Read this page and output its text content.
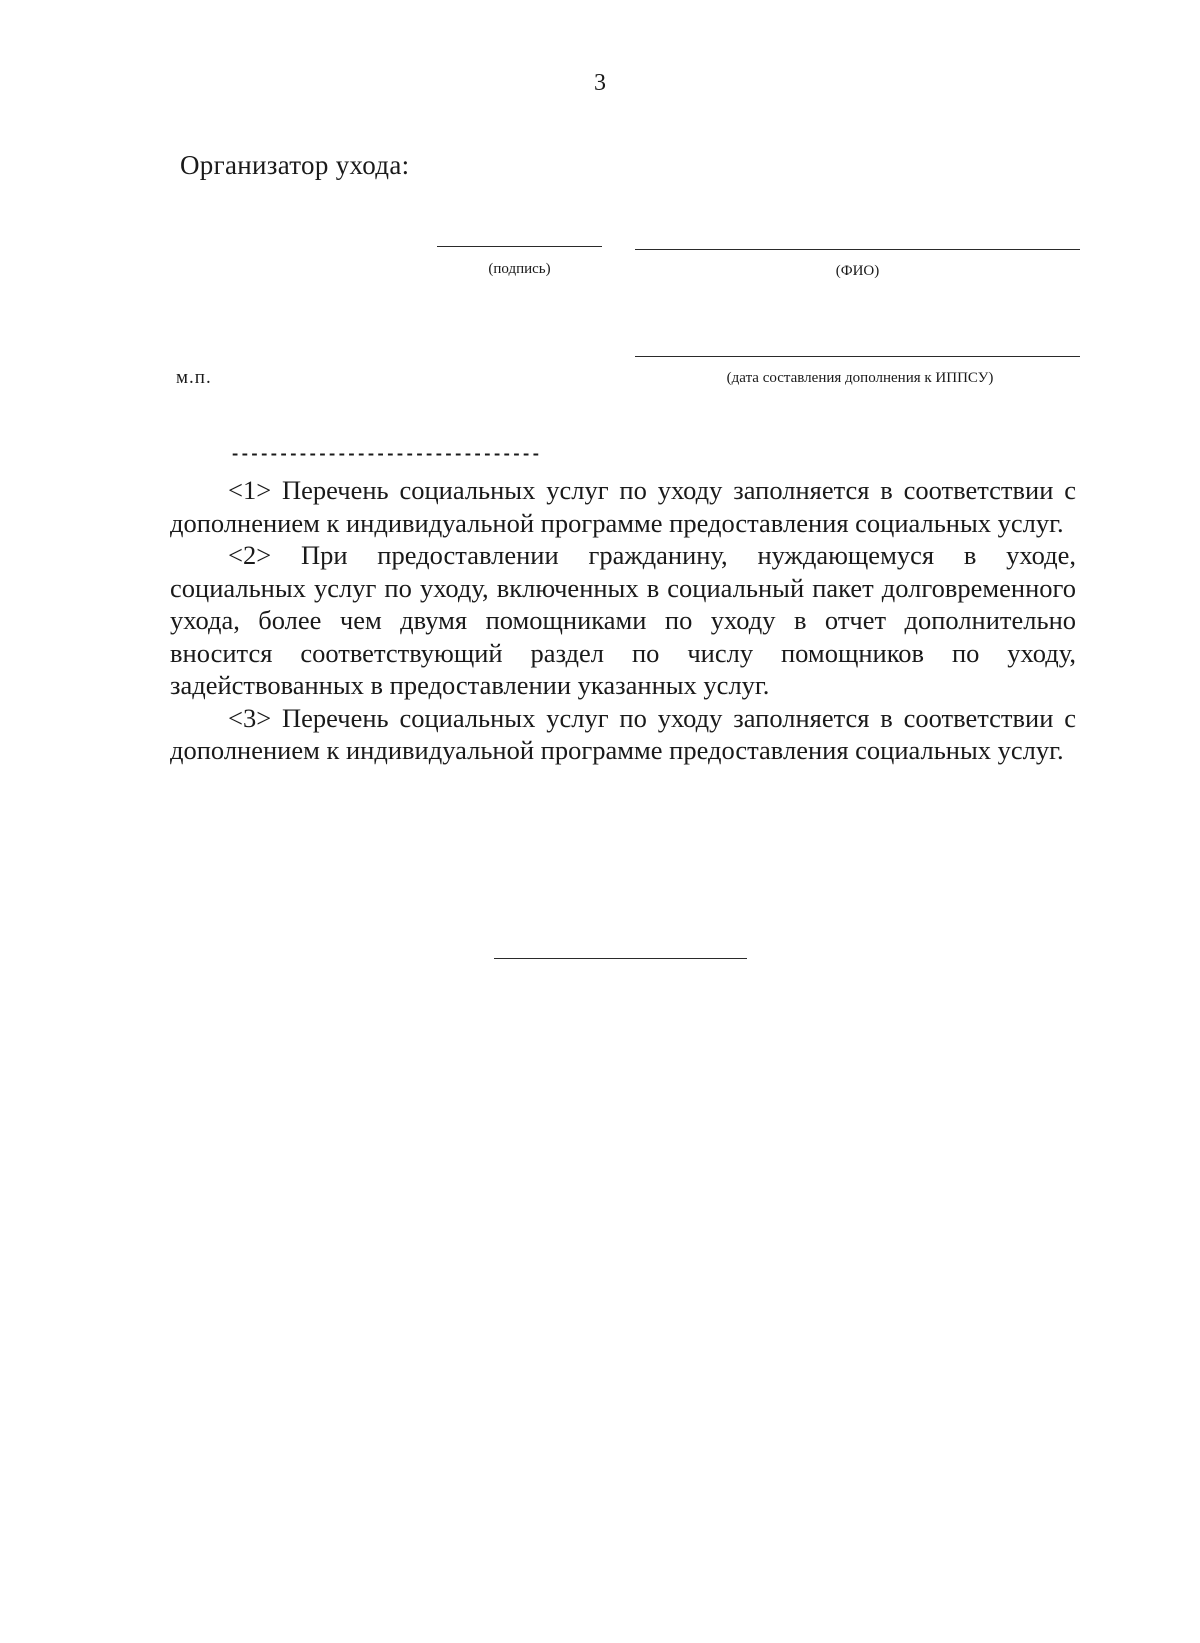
3
Организатор ухода:
(подпись)	(ФИО)
м.п.	(дата составления дополнения к ИППСУ)
--------------------------------

<1> Перечень социальных услуг по уходу заполняется в соответствии с дополнением к индивидуальной программе предоставления социальных услуг.

<2> При предоставлении гражданину, нуждающемуся в уходе, социальных услуг по уходу, включенных в социальный пакет долговременного ухода, более чем двумя помощниками по уходу в отчет дополнительно вносится соответствующий раздел по числу помощников по уходу, задействованных в предоставлении указанных услуг.

<3> Перечень социальных услуг по уходу заполняется в соответствии с дополнением к индивидуальной программе предоставления социальных услуг.
